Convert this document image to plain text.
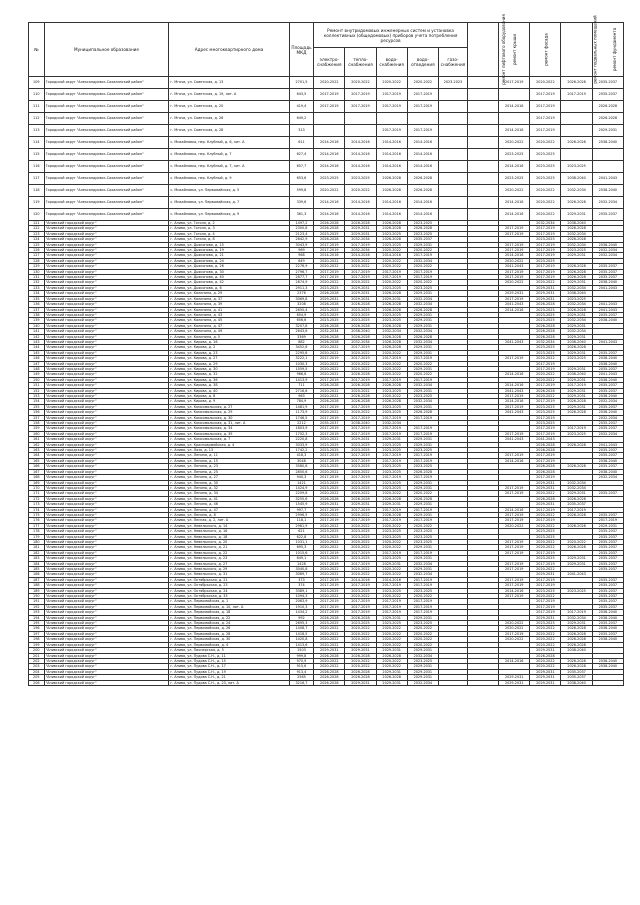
№	Муниципальное образование	Адрес многоквартирного дома	Площадь МКД	Ремонт внутридомовых инженерных систем и установка коллективных (общедомовых) приборов учета потребления ресурсов					ремонт лифтового оборудования	ремонт крыши	ремонт фасада	ремонт подвальных помещений	ремонт фундамента
				электро-снабжения	тепло-снабжения	водо-снабжения	водо-отведения	газо-снабжения					
109	Городской округ "Александровск-Сахалинский район"	г. Мгачи, ул. Советская, д. 13	2701,5	2020-2022	2020-2022	2020-2022	2020-2022	2023-2023		2017-2019	2020-2022	2026-2028	2035-2037
110	Городской округ "Александровск-Сахалинский район"	г. Мгачи, ул. Советская, д. 19, лит. А	643,5	2017-2019	2017-2019	2017-2019	2017-2019				2017-2019	2017-2019	2035-2037
111	Городской округ "Александровск-Сахалинский район"	г. Мгачи, ул. Советская, д. 20	419,4	2017-2019	2017-2019	2017-2019	2017-2019			2014-2016	2017-2019		2026-2028
112	Городской округ "Александровск-Сахалинский район"	г. Мгачи, ул. Советская, д. 26	649,2								2017-2019		2026-2028
113	Городской округ "Александровск-Сахалинский район"	г. Мгачи, ул. Советская, д. 28	313			2017-2019	2017-2019			2014-2016	2017-2019		2029-2031
114	Городской округ "Александровск-Сахалинский район"	с. Михайловка, пер. Клубный, д. 6, лит. А	611	2014-2016	2014-2016	2014-2016	2014-2016			2020-2022	2020-2022	2026-2028	2038-2040
115	Городской округ "Александровск-Сахалинский район"	с. Михайловка, пер. Клубный, д. 7	627,4	2014-2016	2014-2016	2014-2016	2014-2016			2023-2025	2023-2025		
116	Городской округ "Александровск-Сахалинский район"	с. Михайловка, пер. Клубный, д. 7, лит. А	657,7	2014-2016	2014-2016	2014-2016	2014-2016			2014-2016	2023-2025	2023-2025	
117	Городской округ "Александровск-Сахалинский район"	с. Михайловка, пер. Клубный, д. 9	653,6	2023-2025	2023-2025	2026-2028	2026-2028			2023-2025	2023-2025	2038-2040	2041-2043
118	Городской округ "Александровск-Сахалинский район"	с. Михайловка, ул. Первомайская, д. 5	599,8	2020-2022	2020-2022	2026-2028	2026-2028			2020-2022	2020-2022	2032-2034	2038-2040
119	Городской округ "Александровск-Сахалинский район"	с. Михайловка, ул. Первомайская, д. 7	339,6	2014-2016	2014-2016	2014-2016	2014-2016			2014-2016	2020-2022	2026-2028	2032-2034
120	Городской округ "Александровск-Сахалинский район"	с. Михайловка, ул. Первомайская, д. 9	361,3	2014-2016	2014-2016	2014-2016	2014-2016			2014-2016	2020-2022	2029-2031	2035-2037
121	"Анивский городской округ"	г. Анива, ул. Гоголя, д. 2	1497,2	2026-2028	2026-2028	2026-2028	2023-2025				2032-2034	2038-2040	
122	"Анивский городской округ"	г. Анива, ул. Гоголя, д. 3	2300,8	2026-2028	2029-2031	2026-2028	2026-2028			2017-2019	2017-2019	2026-2028	
123	"Анивский городской округ"	г. Анива, ул. Гоголя, д. 4	2123,4	2023-2025	2029-2031	2023-2025	2023-2025			2017-2019	2017-2019	2032-2034	
124	"Анивский городской округ"	г. Анива, ул. Гоголя, д. 8	2842,9	2026-2028	2032-2034	2026-2028	2035-2037				2023-2025	2026-2028	
125	"Анивский городской округ"	г. Анива, ул. Дьяконова, д. 15	3043,9	2017-2019	2017-2019	2023-2025	2029-2031			2017-2019	2017-2019	2032-2034	2038-2040
126	"Анивский городской округ"	г. Анива, ул. Дьяконова, д. 19	969	2017-2019	2032-2034	2020-2022	2020-2022			2017-2019	2017-2019	2023-2025	2032-2034
127	"Анивский городской округ"	г. Анива, ул. Дьяконова, д. 21	968	2014-2016	2014-2016	2014-2016	2017-2019			2014-2016	2017-2019	2029-2031	2032-2034
128	"Анивский городской округ"	г. Анива, ул. Дьяконова, д. 24	649	2020-2022	2020-2022	2020-2022	2032-2034			2020-2022	2023-2025		
129	"Анивский городской округ"	г. Анива, ул. Дьяконова, д. 26	2276,9	2020-2022	2020-2022	2020-2022	2020-2022			2041-2043	2017-2019	2026-2028	2035-2037
130	"Анивский городской округ"	г. Анива, ул. Дьяконова, д. 30	2796,7	2017-2019	2017-2019	2017-2019	2017-2019			2017-2019	2017-2019	2026-2028	2035-2037
131	"Анивский городской округ"	г. Анива, ул. Дьяконова, д. 40	2877,7	2017-2019	2017-2019	2017-2019	2017-2019			2017-2019	2017-2019	2026-2028	2035-2037
132	"Анивский городской округ"	г. Анива, ул. Дьяконова, д. 42	2874,9	2020-2022	2020-2022	2020-2022	2020-2022			2020-2022	2020-2022	2029-2031	2038-2040
133	"Анивский городской округ"	г. Анива, ул. Дьяконова, д. 6	2911,3	2023-2025	2029-2031	2023-2025	2023-2025				2029-2031	2032-2034	2041-2043
134	"Анивский городской округ"	г. Анива, ул. Калинина, д. 29	2376	2026-2028	2029-2031	2026-2028	2029-2031			2029-2031	2029-2031	2038-2040	
135	"Анивский городской округ"	г. Анива, ул. Калинина, д. 37	3069,8	2029-2031	2029-2031	2029-2031	2032-2034			2017-2019	2029-2031	2023-2025	
136	"Анивский городской округ"	г. Анива, ул. Калинина, д. 39	3208	2026-2028	2026-2028	2026-2028	2032-2034			2041-2043	2026-2028	2032-2034	2041-2043
137	"Анивский городской округ"	г. Анива, ул. Калинина, д. 41	2650,4	2023-2025	2023-2025	2026-2028	2026-2028			2014-2016	2023-2025	2026-2028	2041-2043
138	"Анивский городской округ"	г. Анива, ул. Калинина, д. 43	654,9	2023-2025	2023-2025	2023-2025	2029-2031				2023-2025	2029-2031	2035-2037
139	"Анивский городской округ"	г. Анива, ул. Калинина, д. 45	656,6	2023-2025	2023-2025	2023-2025	2029-2031				2023-2025	2032-2034	2038-2040
140	"Анивский городской округ"	г. Анива, ул. Калинина, д. 47	3207,8	2026-2028	2026-2028	2026-2028	2029-2031				2026-2028	2029-2031	
141	"Анивский городской округ"	г. Анива, ул. Калинина, д. 49	2643,6	2032-2034	2038-2040	2032-2034	2032-2034				2026-2028	2032-2034	
142	"Анивский городской округ"	г. Анива, ул. Калинина, д. 5	3369	2026-2028	2026-2028	2026-2028	2026-2028				2026-2028	2029-2031	
143	"Анивский городской округ"	г. Анива, ул. Кирова, д. 16	882	2026-2028	2032-2034	2026-2028	2032-2034			2041-2043	2032-2034	2038-2040	2041-2043
144	"Анивский городской округ"	г. Анива, ул. Кирова, д. 2	3452,6	2020-2022	2017-2019	2026-2028	2029-2031				2023-2025	2026-2028	
145	"Анивский городской округ"	г. Анива, ул. Кирова, д. 23	2295,6	2020-2022	2020-2022	2020-2022	2029-2031				2023-2025	2029-2031	2035-2037
146	"Анивский городской округ"	г. Анива, ул. Кирова, д. 27	3222,1	2017-2019	2017-2019	2017-2019	2017-2019			2017-2019	2020-2022	2023-2025	2038-2040
147	"Анивский городской округ"	г. Анива, ул. Кирова, д. 29	1030,3	2020-2022	2020-2022	2020-2022	2020-2022				2017-2019		2038-2040
148	"Анивский городской округ"	г. Анива, ул. Кирова, д. 30	1559,5	2020-2022	2020-2022	2020-2022	2029-2031				2017-2019	2029-2031	2035-2037
149	"Анивский городской округ"	г. Анива, ул. Кирова, д. 32	966,6	2020-2022	2026-2028	2020-2022	2020-2022			2014-2016	2020-2022	2038-2040	2041-2043
150	"Анивский городской округ"	г. Анива, ул. Кирова, д. 36	1413,9	2017-2019	2017-2019	2017-2019	2017-2019				2020-2022	2029-2031	2038-2040
151	"Анивский городской округ"	г. Анива, ул. Кирова, д. 38	711	2026-2028	2026-2028	2026-2028	2032-2034			2014-2016	2017-2019	2017-2019	2035-2037
152	"Анивский городской округ"	г. Анива, ул. Кирова, д. 40	2716,6	2020-2022	2020-2022	2023-2025	2029-2031			2041-2043	2026-2028	2029-2031	2035-2037
153	"Анивский городской округ"	г. Анива, ул. Кирова, д. 8	963	2020-2022	2026-2028	2020-2022	2023-2025			2017-2019	2020-2022	2029-2031	2038-2040
154	"Анивский городской округ"	г. Анива, ул. Кирова, д. 9	784,9	2026-2028	2026-2028	2026-2028	2032-2034			2014-2016	2017-2019	2026-2028	2032-2034
155	"Анивский городской округ"	г. Анива, ул. Комсомольская, д. 27	1481,9	2017-2019	2017-2019	2023-2025	2029-2031			2017-2019	2023-2025	2029-2031	2035-2037
156	"Анивский городской округ"	г. Анива, ул. Комсомольская, д. 29	1173,9	2020-2022	2020-2022	2023-2025	2026-2028			2041-2043	2023-2025	2026-2028	2038-2040
157	"Анивский городской округ"	г. Анива, ул. Комсомольская, д. 30	1746,5	2017-2019	2017-2019	2017-2019	2017-2019				2017-2019		2032-2034
158	"Анивский городской округ"	г. Анива, ул. Комсомольская, д. 31, лит. А	2212	2035-2037	2038-2040	2032-2034					2023-2025		2035-2037
159	"Анивский городской округ"	г. Анива, ул. Комсомольская, д. 34	1803,9	2017-2019	2017-2019	2017-2019	2017-2019				2017-2019	2017-2019	2035-2037
160	"Анивский городской округ"	г. Анива, ул. Комсомольская, д. 39	1702,3	2017-2019	2017-2019	2017-2019	2017-2019			2017-2019	2017-2019	2023-2025	2032-2034
161	"Анивский городской округ"	г. Анива, ул. Комсомольская, д. 7	2220,8	2020-2022	2029-2031	2029-2031	2029-2031			2041-2043	2041-2043		
162	"Анивский городской округ"	г. Анива, ул. Красноармейская, д. 4	3033,9	2023-2025	2023-2025	2023-2025	2029-2031				2026-2028	2026-2028	2041-2043
163	"Анивский городской округ"	г. Анива, ул. Лазо, д. 13	1742,2	2023-2025	2023-2025	2023-2025	2023-2025				2026-2028		2035-2037
164	"Анивский городской округ"	г. Анива, ул. Ленина, д. 11	418,3	2017-2019	2017-2019	2017-2019	2017-2019			2017-2019	2017-2019		2035-2037
165	"Анивский городской округ"	г. Анива, ул. Ленина, д. 15	3048	2017-2019	2017-2019	2017-2019	2017-2019			2014-2016	2017-2019		2038-2040
166	"Анивский городской округ"	г. Анива, ул. Ленина, д. 23	3580,8	2023-2025	2023-2025	2023-2025	2023-2025				2026-2028	2026-2028	2035-2037
167	"Анивский городской округ"	г. Анива, ул. Ленина, д. 25	2850,6	2020-2022	2020-2022	2023-2025	2026-2028				2026-2028		2038-2040
168	"Анивский городской округ"	г. Анива, ул. Ленина, д. 27	940,3	2017-2019	2017-2019	2017-2019	2017-2019				2017-2019		2032-2034
169	"Анивский городской округ"	г. Анива, ул. Ленина, д. 30	1421	2023-2025	2023-2025	2023-2025	2029-2031				2029-2031	2032-2034	
170	"Анивский городской округ"	г. Анива, ул. Ленина, д. 32	1424,9	2023-2025	2023-2025	2023-2025	2029-2031			2017-2019	2029-2031	2032-2034	
171	"Анивский городской округ"	г. Анива, ул. Ленина, д. 34	2209,8	2020-2022	2020-2022	2020-2022	2020-2022			2017-2019	2020-2022	2029-2031	2035-2037
172	"Анивский городской округ"	г. Анива, ул. Ленина, д. 41	3255,6	2026-2028	2026-2028	2026-2028	2026-2028				2026-2028	2026-2028	
173	"Анивский городской округ"	г. Анива, ул. Ленина, д. 46	1545,9	2029-2031	2029-2031	2029-2031	2029-2031				2029-2031	2035-2037	
174	"Анивский городской округ"	г. Анива, ул. Ленина, д. 47	997,7	2017-2019	2017-2019	2017-2019	2017-2019			2014-2016	2017-2019	2017-2019	
175	"Анивский городской округ"	г. Анива, ул. Ленина, д. 8	2996,5	2020-2022	2020-2022	2026-2028	2029-2031			2017-2019	2020-2022	2026-2028	2035-2037
176	"Анивский городской округ"	г. Анива, ул. Лесная, д. 2, лит. А	118,1	2017-2019	2017-2019	2017-2019	2017-2019			2017-2019	2017-2019		2017-2019
177	"Анивский городской округ"	г. Анива, ул. Невельского, д. 14	2981,9	2020-2022	2020-2022	2020-2022	2020-2022			2020-2022	2020-2022	2026-2028	2029-2031
178	"Анивский городской округ"	г. Анива, ул. Невельского, д. 16	621	2023-2025	2023-2025	2023-2025	2023-2025				2023-2025		2035-2037
179	"Анивский городской округ"	г. Анива, ул. Невельского, д. 18	622,8	2023-2025	2023-2025	2023-2025	2023-2025				2023-2025		2035-2037
180	"Анивский городской округ"	г. Анива, ул. Невельского, д. 20	1031,1	2020-2022	2020-2022	2020-2022	2023-2025			2017-2019	2020-2022	2020-2022	2035-2037
181	"Анивский городской округ"	г. Анива, ул. Невельского, д. 21	695,3	2020-2022	2020-2022	2020-2022	2029-2031			2017-2019	2020-2022	2026-2028	2035-2037
182	"Анивский городской округ"	г. Анива, ул. Невельского, д. 22	1015,6	2017-2019	2017-2019	2017-2019	2017-2019			2017-2019	2017-2019		2035-2037
183	"Анивский городской округ"	г. Анива, ул. Невельского, д. 23	649,1	2023-2025	2023-2025	2023-2025	2029-2031				2023-2025	2029-2031	2035-2037
184	"Анивский городской округ"	г. Анива, ул. Невельского, д. 27	1428	2017-2019	2017-2019	2029-2031	2032-2034			2017-2019	2017-2019	2029-2031	2035-2037
185	"Анивский городской округ"	г. Анива, ул. Невельского, д. 29	3040,8	2020-2022	2020-2022	2020-2022	2029-2031			2017-2019	2020-2022		2035-2037
186	"Анивский городской округ"	г. Анива, ул. Невельского, д. 31	3089,7	2020-2022	2020-2022	2020-2022	2032-2034				2029-2031	2041-2043	
187	"Анивский городской округ"	г. Анива, ул. Октябрьская, д. 21	373	2017-2019	2014-2016	2014-2016	2017-2019			2017-2019	2017-2019		2035-2037
188	"Анивский городской округ"	г. Анива, ул. Октябрьская, д. 23	374	2017-2019	2017-2019	2017-2019	2017-2019			2017-2019	2017-2019		2035-2037
189	"Анивский городской округ"	г. Анива, ул. Октябрьская, д. 24	3389,1	2023-2025	2023-2025	2023-2025	2023-2025			2014-2016	2023-2025	2023-2025	2035-2037
190	"Анивский городской округ"	г. Анива, ул. Октябрьская, д. 33	1094,3	2020-2022	2020-2022	2020-2022	2020-2022			2017-2019	2020-2022		2035-2037
191	"Анивский городской округ"	г. Анива, ул. Первомайская, д. 1	2063,9	2017-2019	2017-2019	2017-2019	2017-2019				2017-2019		2035-2037
192	"Анивский городской округ"	г. Анива, ул. Первомайская, д. 10, лит. А	1910,3	2017-2019	2017-2019	2017-2019	2017-2019				2017-2019		2035-2037
193	"Анивский городской округ"	г. Анива, ул. Первомайская, д. 18	1434,2	2017-2019	2017-2019	2017-2019	2017-2019				2017-2019	2017-2019	2038-2040
194	"Анивский городской округ"	г. Анива, ул. Первомайская, д. 22	992	2026-2028	2026-2028	2029-2031	2029-2031				2029-2031	2032-2034	2038-2040
195	"Анивский городской округ"	г. Анива, ул. Первомайская, д. 24	2695,3	2023-2025	2023-2025	2023-2025	2023-2025			2020-2022	2023-2025	2029-2031	2035-2037
196	"Анивский городской округ"	г. Анива, ул. Первомайская, д. 26	1408,7	2020-2022	2020-2022	2020-2022	2020-2022			2020-2022	2020-2022	2026-2028	2038-2040
197	"Анивский городской округ"	г. Анива, ул. Первомайская, д. 28	1418,5	2020-2022	2020-2022	2020-2022	2020-2022			2017-2019	2020-2022	2026-2028	2035-2037
198	"Анивский городской округ"	г. Анива, ул. Первомайская, д. 30	1420,8	2020-2022	2020-2022	2020-2022	2020-2022			2020-2022	2020-2022	2026-2028	2038-2040
199	"Анивский городской округ"	г. Анива, ул. Первомайская, д. 4	1413,6	2020-2022	2020-2022	2020-2022	2020-2022				2020-2022	2026-2028	
200	"Анивский городской округ"	г. Анива, ул. Пионерская, д. 5	1503	2029-2031	2029-2031	2029-2031	2029-2031				2029-2031	2038-2040	
201	"Анивский городской округ"	г. Анива, ул. Пудова С.Н., д. 11	999,8	2026-2028	2026-2028	2026-2028	2032-2034				2026-2028		
202	"Анивский городской округ"	г. Анива, ул. Пудова С.Н., д. 15	970,9	2020-2022	2020-2022	2020-2022	2023-2025			2014-2016	2020-2022	2026-2028	2038-2040
203	"Анивский городской округ"	г. Анива, ул. Пудова С.Н., д. 17	915,6	2020-2022	2020-2022	2020-2022	2029-2031				2020-2022	2026-2028	2038-2040
204	"Анивский городской округ"	г. Анива, ул. Пудова С.Н., д. 19	913,4	2026-2028	2026-2028	2029-2031	2029-2031				2029-2031	2035-2037	
205	"Анивский городской округ"	г. Анива, ул. Пудова С.Н., д. 21	2565	2026-2028	2026-2028	2026-2028	2029-2031			2029-2031	2029-2031	2035-2037	
206	"Анивский городской округ"	г. Анива, ул. Пудова С.Н., д. 23, лит. А	3216,7	2026-2028	2029-2031	2029-2031	2032-2034			2029-2031	2029-2031	2038-2040	
